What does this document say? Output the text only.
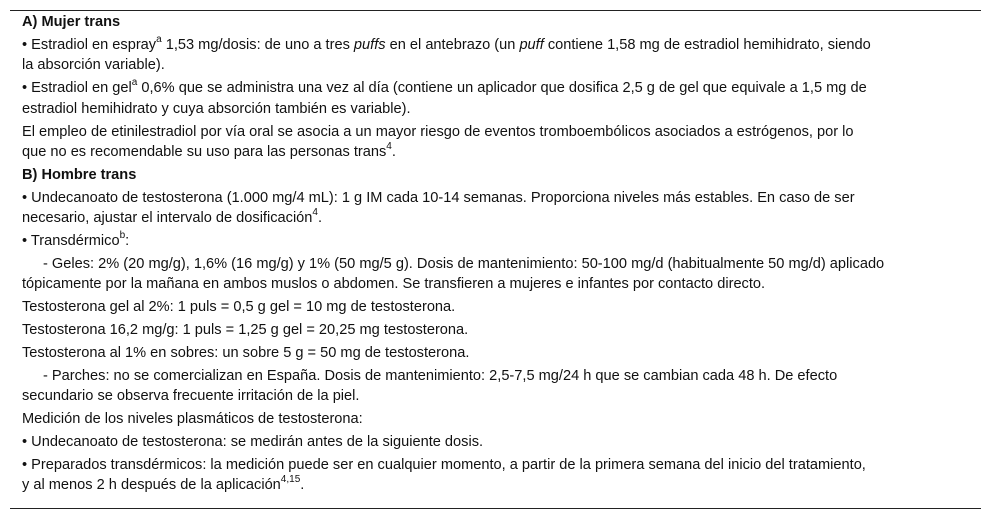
A) Mujer trans
• Estradiol en espray$^a$ 1,53 mg/dosis: de uno a tres puffs en el antebrazo (un puff contiene 1,58 mg de estradiol hemihidrato, siendo
la absorción variable).
• Estradiol en gel$^a$ 0,6% que se administra una vez al día (contiene un aplicador que dosifica 2,5 g de gel que equivale a 1,5 mg de
estradiol hemihidrato y cuya absorción también es variable).
El empleo de etinilestradiol por vía oral se asocia a un mayor riesgo de eventos tromboembólicos asociados a estrógenos, por lo
que no es recomendable su uso para las personas trans$^4$.
B) Hombre trans
• Undecanoato de testosterona (1.000 mg/4 mL): 1 g IM cada 10-14 semanas. Proporciona niveles más estables. En caso de ser
necesario, ajustar el intervalo de dosificación$^4$.
• Transdérmico$^b$:
- Geles: 2% (20 mg/g), 1,6% (16 mg/g) y 1% (50 mg/5 g). Dosis de mantenimiento: 50-100 mg/d (habitualmente 50 mg/d) aplicado
tópicamente por la mañana en ambos muslos o abdomen. Se transfieren a mujeres e infantes por contacto directo.
Testosterona gel al 2%: 1 puls = 0,5 g gel = 10 mg de testosterona.
Testosterona 16,2 mg/g: 1 puls = 1,25 g gel = 20,25 mg testosterona.
Testosterona al 1% en sobres: un sobre 5 g = 50 mg de testosterona.
- Parches: no se comercializan en España. Dosis de mantenimiento: 2,5-7,5 mg/24 h que se cambian cada 48 h. De efecto
secundario se observa frecuente irritación de la piel.
Medición de los niveles plasmáticos de testosterona:
• Undecanoato de testosterona: se medirán antes de la siguiente dosis.
• Preparados transdérmicos: la medición puede ser en cualquier momento, a partir de la primera semana del inicio del tratamiento,
y al menos 2 h después de la aplicación$^{4,15}$.
